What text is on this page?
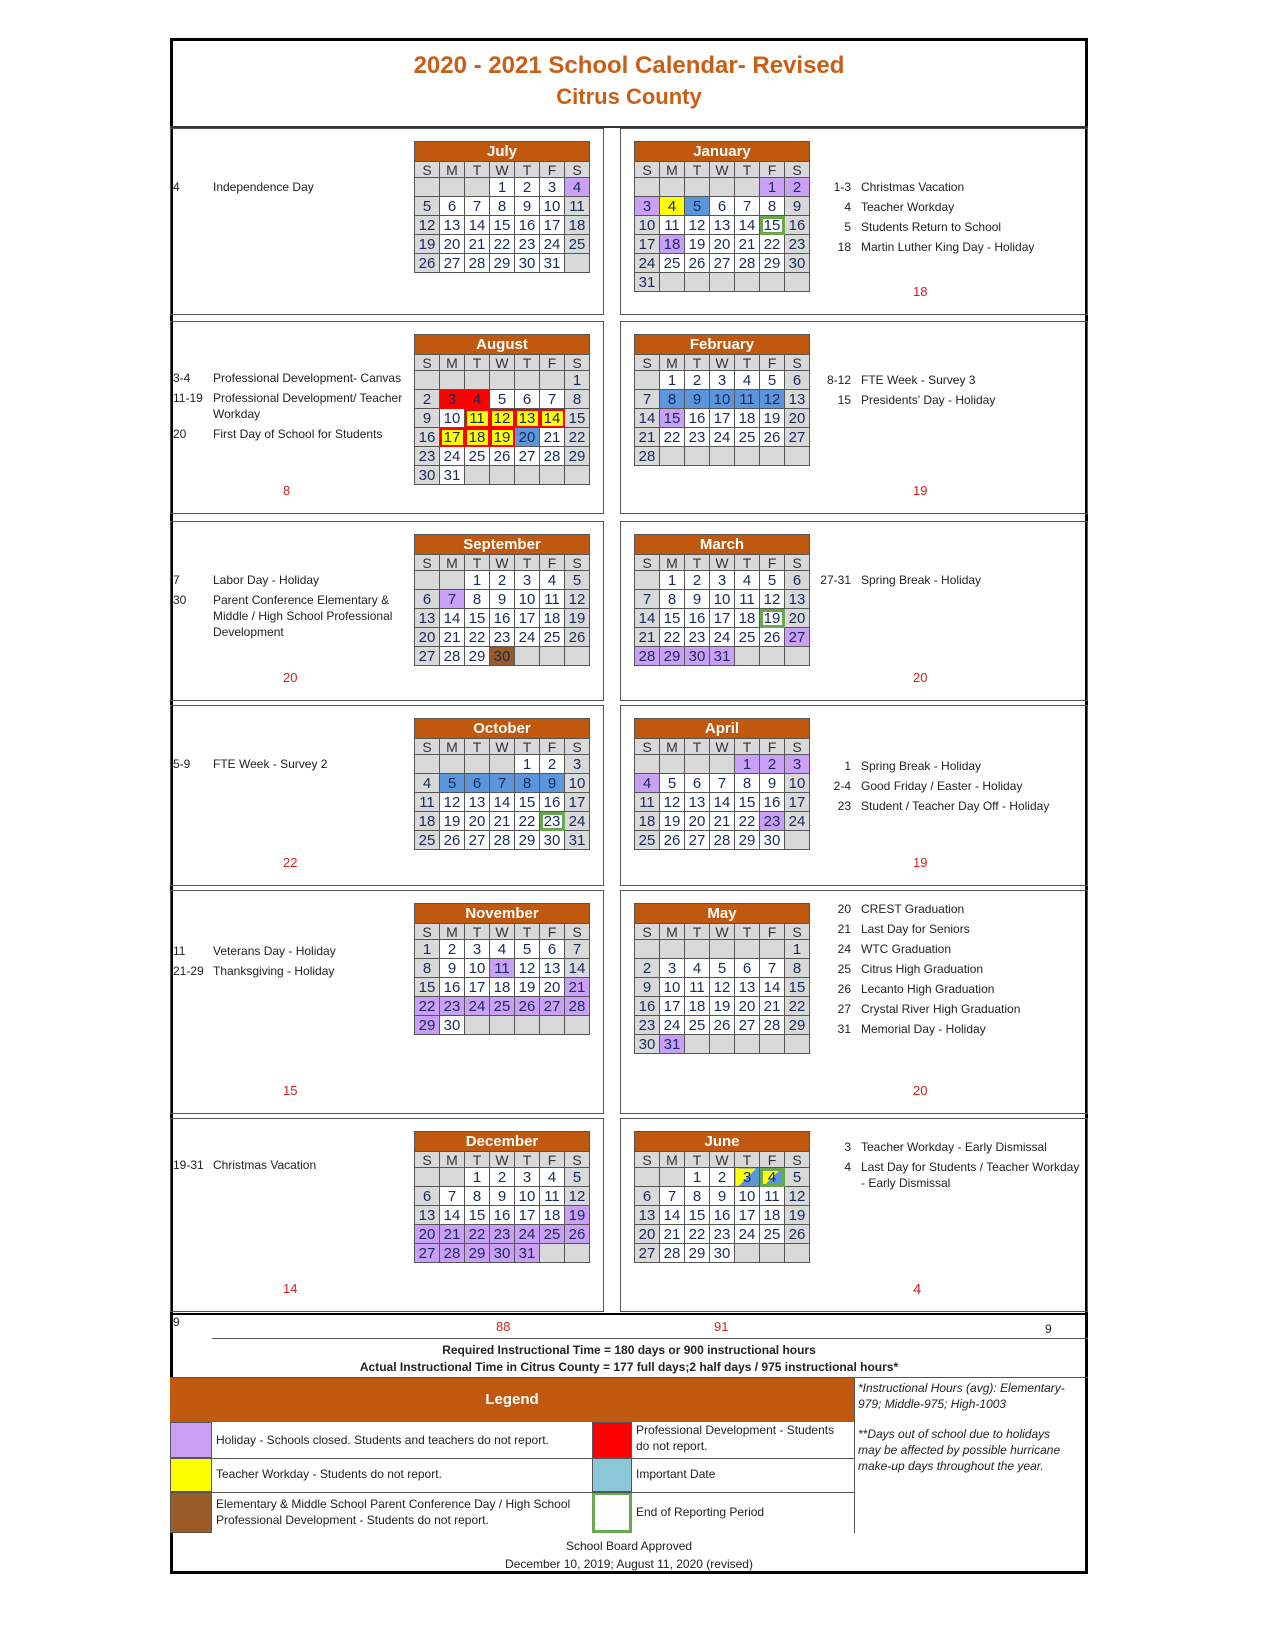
2020 - 2021 School Calendar- Revised
Citrus County
July
S	M	T	W	T	F	S
			1	2	3	4
5	6	7	8	9	10	11
12	13	14	15	16	17	18
19	20	21	22	23	24	25
26	27	28	29	30	31	
4	Independence Day
January
S	M	T	W	T	F	S
					1	2
3	4	5	6	7	8	9
10	11	12	13	14	15	16
17	18	19	20	21	22	23
24	25	26	27	28	29	30
31						
1-3 Christmas Vacation
4 Teacher Workday
5 Students Return to School
18 Martin Luther King Day - Holiday
18
August
S	M	T	W	T	F	S
						1
2	3	4	5	6	7	8
9	10	11	12	13	14	15
16	17	18	19	20	21	22
23	24	25	26	27	28	29
30	31					
3-4	Professional Development- Canvas
11-19 Professional Development/ Teacher Workday
20	First Day of School for Students
8
February
S	M	T	W	T	F	S
	1	2	3	4	5	6
7	8	9	10	11	12	13
14	15	16	17	18	19	20
21	22	23	24	25	26	27
28						
8-12 FTE Week - Survey 3
15 Presidents' Day - Holiday
19
September
S	M	T	W	T	F	S
		1	2	3	4	5
6	7	8	9	10	11	12
13	14	15	16	17	18	19
20	21	22	23	24	25	26
27	28	29	30			
7	Labor Day - Holiday
30	Parent Conference Elementary & Middle / High School Professional Development
20
March
S	M	T	W	T	F	S
	1	2	3	4	5	6
7	8	9	10	11	12	13
14	15	16	17	18	19	20
21	22	23	24	25	26	27
28	29	30	31			
27-31 Spring Break - Holiday
20
October
S	M	T	W	T	F	S
				1	2	3
4	5	6	7	8	9	10
11	12	13	14	15	16	17
18	19	20	21	22	23	24
25	26	27	28	29	30	31
5-9	FTE Week - Survey 2
22
April
S	M	T	W	T	F	S
				1	2	3
4	5	6	7	8	9	10
11	12	13	14	15	16	17
18	19	20	21	22	23	24
25	26	27	28	29	30	
1 Spring Break - Holiday
2-4 Good Friday / Easter - Holiday
23 Student / Teacher Day Off - Holiday
19
November
S	M	T	W	T	F	S
1	2	3	4	5	6	7
8	9	10	11	12	13	14
15	16	17	18	19	20	21
22	23	24	25	26	27	28
29	30					
11	Veterans Day - Holiday
21-29 Thanksgiving - Holiday
15
May
S	M	T	W	T	F	S
						1
2	3	4	5	6	7	8
9	10	11	12	13	14	15
16	17	18	19	20	21	22
23	24	25	26	27	28	29
30	31					
20 CREST Graduation
21 Last Day for Seniors
24 WTC Graduation
25 Citrus High Graduation
26 Lecanto High Graduation
27 Crystal River High Graduation
31 Memorial Day - Holiday
20
December
S	M	T	W	T	F	S
		1	2	3	4	5
6	7	8	9	10	11	12
13	14	15	16	17	18	19
20	21	22	23	24	25	26
27	28	29	30	31		
19-31 Christmas Vacation
14
June
S	M	T	W	T	F	S
		1	2	3	4	5
6	7	8	9	10	11	12
13	14	15	16	17	18	19
20	21	22	23	24	25	26
27	28	29	30			
3 Teacher Workday - Early Dismissal
4 Last Day for Students / Teacher Workday - Early Dismissal
4
9	88	91	9
Required Instructional Time = 180 days or 900 instructional hours
Actual Instructional Time in Citrus County = 177 full days;2 half days / 975 instructional hours*
Legend
Holiday - Schools closed. Students and teachers do not report.
Teacher Workday - Students do not report.
Elementary & Middle School Parent Conference Day / High School Professional Development - Students do not report.
Professional Development - Students do not report.
Important Date
End of Reporting Period
*Instructional Hours (avg): Elementary-979; Middle-975; High-1003
**Days out of school due to holidays may be affected by possible hurricane make-up days throughout the year.
School Board Approved
December 10, 2019; August 11, 2020 (revised)
